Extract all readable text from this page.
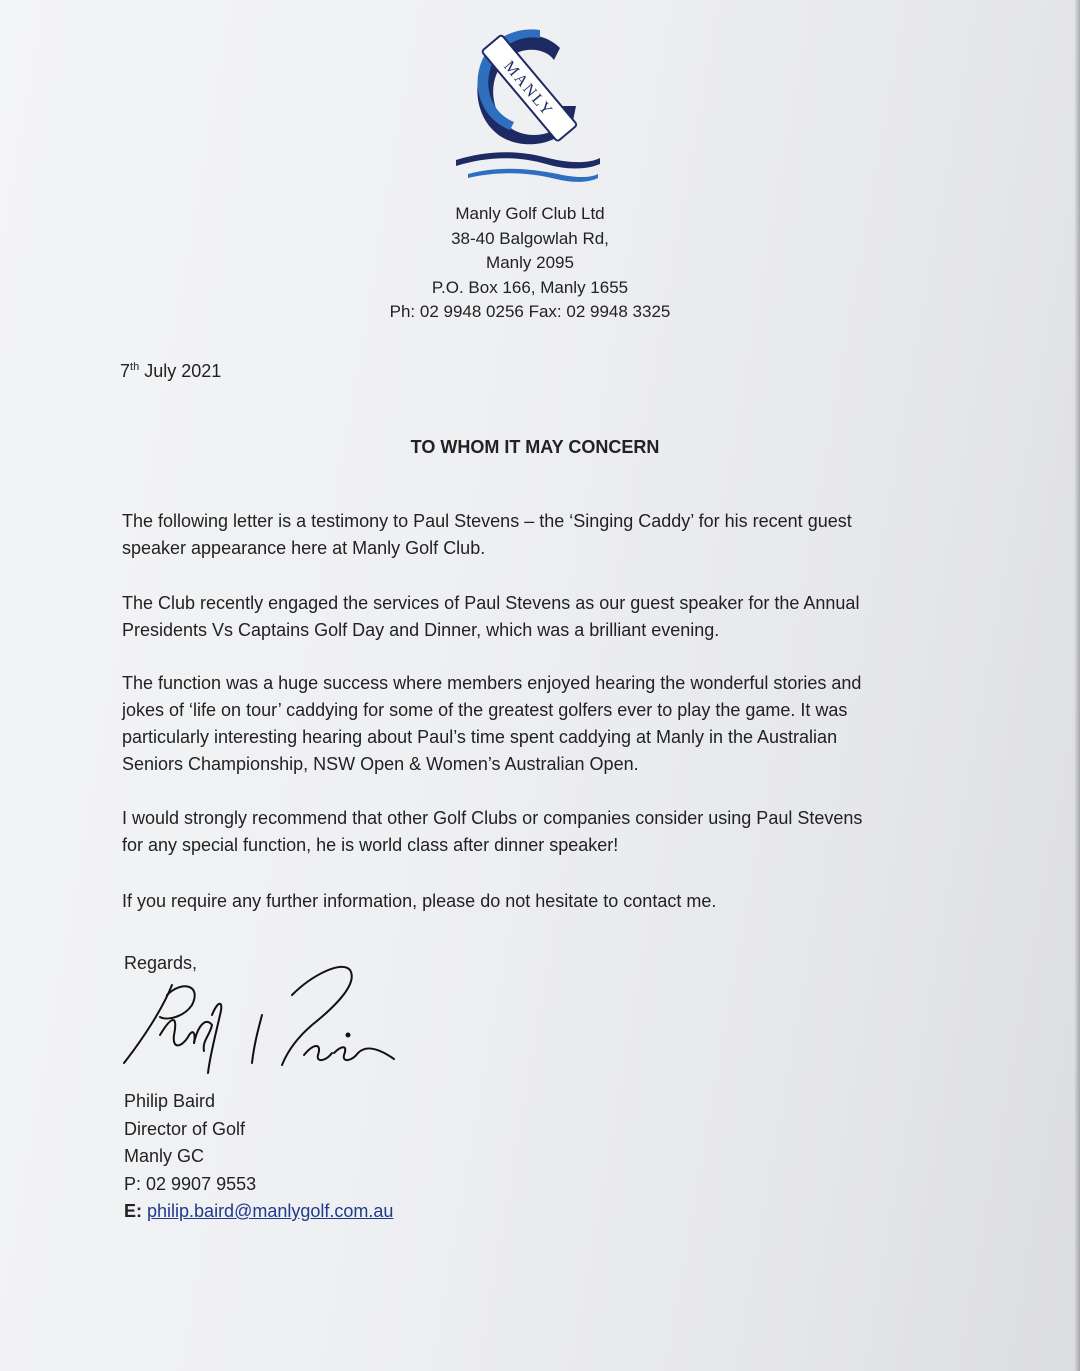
MANLY
Manly Golf Club Ltd
38-40 Balgowlah Rd,
Manly 2095
P.O. Box 166, Manly 1655
Ph: 02 9948 0256 Fax: 02 9948 3325
7th July 2021
TO WHOM IT MAY CONCERN
The following letter is a testimony to Paul Stevens – the ‘Singing Caddy’ for his recent guest
speaker appearance here at Manly Golf Club.
The Club recently engaged the services of Paul Stevens as our guest speaker for the Annual
Presidents Vs Captains Golf Day and Dinner, which was a brilliant evening.
The function was a huge success where members enjoyed hearing the wonderful stories and
jokes of ‘life on tour’ caddying for some of the greatest golfers ever to play the game. It was
particularly interesting hearing about Paul’s time spent caddying at Manly in the Australian
Seniors Championship, NSW Open & Women’s Australian Open.
I would strongly recommend that other Golf Clubs or companies consider using Paul Stevens
for any special function, he is world class after dinner speaker!
If you require any further information, please do not hesitate to contact me.
Regards,
Philip Baird
Director of Golf
Manly GC
P: 02 9907 9553
E: philip.baird@manlygolf.com.au
